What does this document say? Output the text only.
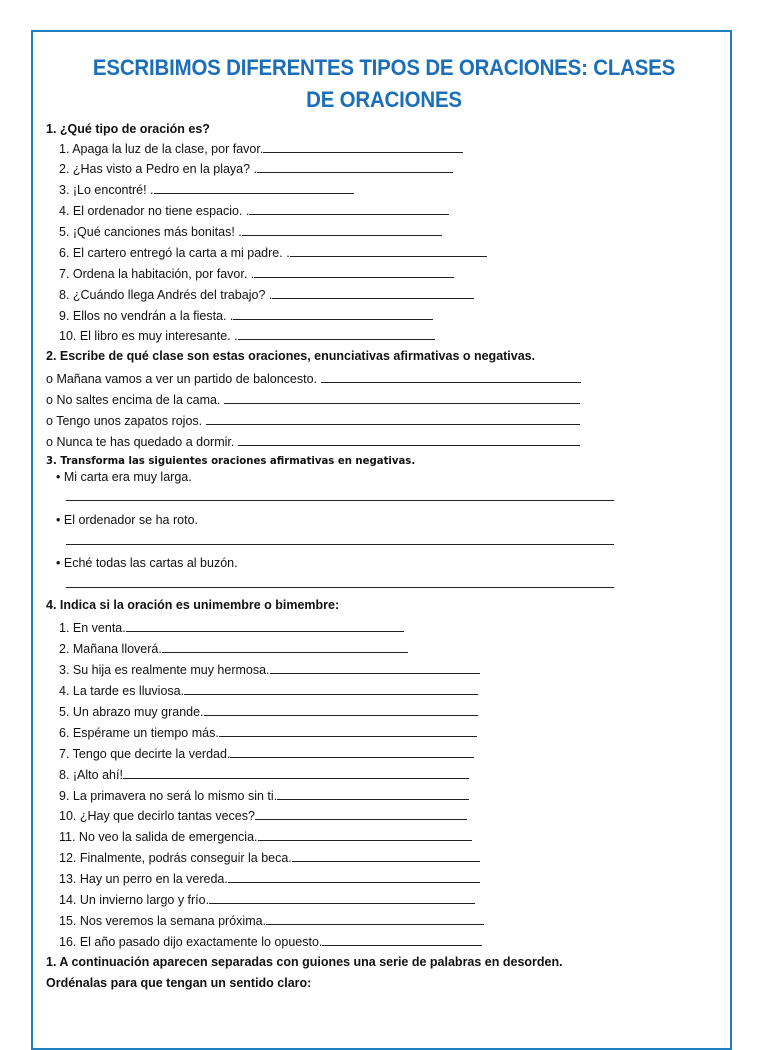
ESCRIBIMOS DIFERENTES TIPOS DE ORACIONES: CLASES
DE ORACIONES
1. ¿Qué tipo de oración es?
1. Apaga la luz de la clase, por favor.
2. ¿Has visto a Pedro en la playa? .
3. ¡Lo encontré! .
4. El ordenador no tiene espacio. .
5. ¡Qué canciones más bonitas! .
6. El cartero entregó la carta a mi padre. .
7. Ordena la habitación, por favor. .
8. ¿Cuándo llega Andrés del trabajo? .
9. Ellos no vendrán a la fiesta. .
10. El libro es muy interesante. .
2. Escribe de qué clase son estas oraciones, enunciativas afirmativas o negativas.
o Mañana vamos a ver un partido de baloncesto.
o No saltes encima de la cama.
o Tengo unos zapatos rojos.
o Nunca te has quedado a dormir.
3. Transforma las siguientes oraciones afirmativas en negativas.
• Mi carta era muy larga.
• El ordenador se ha roto.
• Eché todas las cartas al buzón.
4. Indica si la oración es unimembre o bimembre:
1. En venta.
2. Mañana lloverá.
3. Su hija es realmente muy hermosa.
4. La tarde es lluviosa.
5. Un abrazo muy grande.
6. Espérame un tiempo más.
7. Tengo que decirte la verdad.
8. ¡Alto ahí!
9. La primavera no será lo mismo sin ti.
10. ¿Hay que decirlo tantas veces?
11. No veo la salida de emergencia.
12. Finalmente, podrás conseguir la beca.
13. Hay un perro en la vereda.
14. Un invierno largo y frío.
15. Nos veremos la semana próxima.
16. El año pasado dijo exactamente lo opuesto.
1. A continuación aparecen separadas con guiones una serie de palabras en desorden.
Ordénalas para que tengan un sentido claro:
